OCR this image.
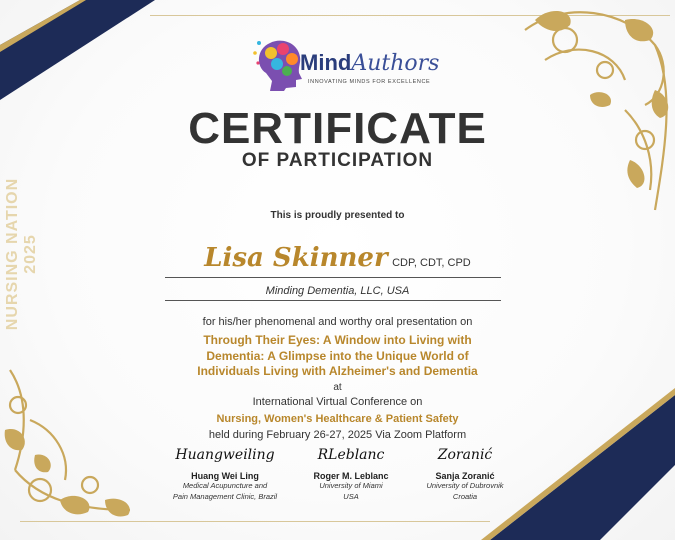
NURSING NATION 2025
MindAuthors
INNOVATING MINDS FOR EXCELLENCE
CERTIFICATE
OF PARTICIPATION
This is proudly presented to
Lisa Skinner CDP, CDT, CPD
Minding Dementia, LLC, USA
for his/her phenomenal and worthy oral presentation on
Through Their Eyes: A Window into Living with
Dementia: A Glimpse into the Unique World of
Individuals Living with Alzheimer's and Dementia
at
International Virtual Conference on
Nursing, Women's Healthcare & Patient Safety
held during February 26-27, 2025 Via Zoom Platform
Huangweiling
Huang Wei Ling
Medical Acupuncture and
Pain Management Clinic, Brazil
RLeblanc
Roger M. Leblanc
University of Miami
USA
Zoranić
Sanja Zoranić
University of Dubrovnik
Croatia
